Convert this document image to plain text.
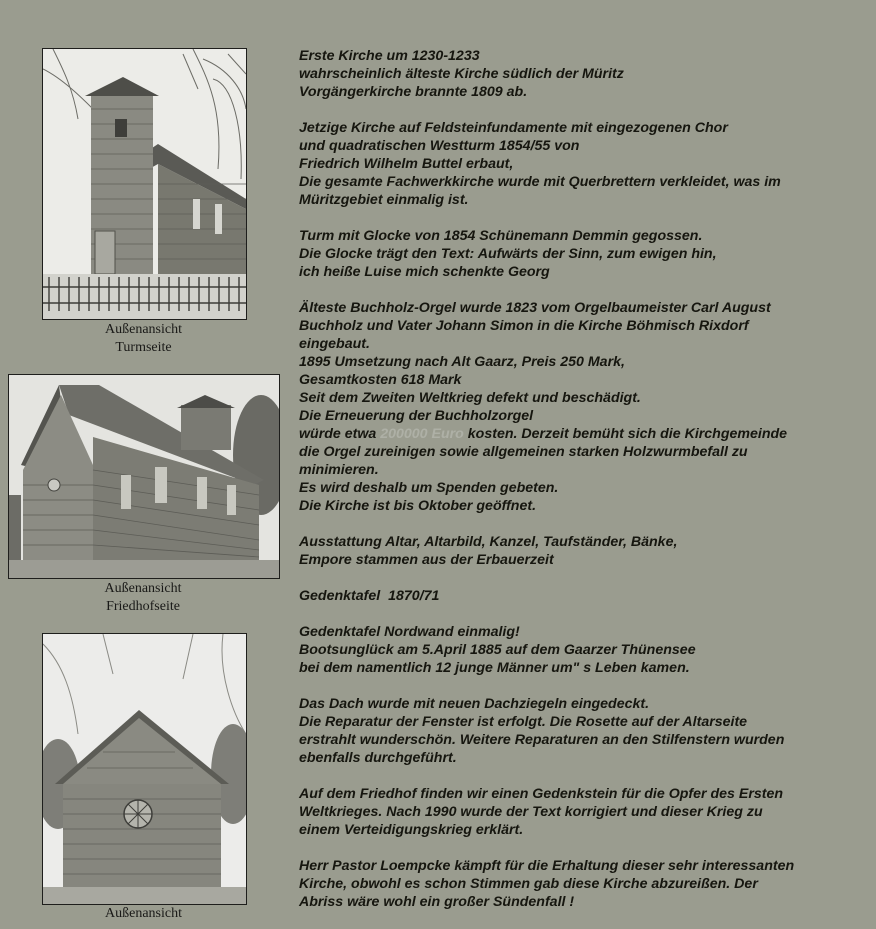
Außenansicht
Turmseite
Außenansicht
Friedhofseite
Außenansicht
Erste Kirche um 1230-1233
wahrscheinlich älteste Kirche südlich der Müritz
Vorgängerkirche brannte 1809 ab.
Jetzige Kirche auf Feldsteinfundamente mit eingezogenen Chor
und quadratischen Westturm 1854/55 von
Friedrich Wilhelm Buttel erbaut,
Die gesamte Fachwerkkirche wurde mit Querbrettern verkleidet, was im
Müritzgebiet einmalig ist.
Turm mit Glocke von 1854 Schünemann Demmin gegossen.
Die Glocke trägt den Text: Aufwärts der Sinn, zum ewigen hin,
ich heiße Luise mich schenkte Georg
Älteste Buchholz-Orgel wurde 1823 vom Orgelbaumeister Carl August
Buchholz und Vater Johann Simon in die Kirche Böhmisch Rixdorf
eingebaut.
1895 Umsetzung nach Alt Gaarz, Preis 250 Mark,
Gesamtkosten 618 Mark
Seit dem Zweiten Weltkrieg defekt und beschädigt.
Die Erneuerung der Buchholzorgel
würde etwa 200000 Euro kosten. Derzeit bemüht sich die Kirchgemeinde
die Orgel zureinigen sowie allgemeinen starken Holzwurmbefall zu
minimieren.
Es wird deshalb um Spenden gebeten.
Die Kirche ist bis Oktober geöffnet.
Ausstattung Altar, Altarbild, Kanzel, Taufständer, Bänke,
Empore stammen aus der Erbauerzeit
Gedenktafel  1870/71
Gedenktafel Nordwand einmalig!
Bootsunglück am 5.April 1885 auf dem Gaarzer Thünensee
bei dem namentlich 12 junge Männer um" s Leben kamen.
Das Dach wurde mit neuen Dachziegeln eingedeckt.
Die Reparatur der Fenster ist erfolgt. Die Rosette auf der Altarseite
erstrahlt wunderschön. Weitere Reparaturen an den Stilfenstern wurden
ebenfalls durchgeführt.
Auf dem Friedhof finden wir einen Gedenkstein für die Opfer des Ersten
Weltkrieges. Nach 1990 wurde der Text korrigiert und dieser Krieg zu
einem Verteidigungskrieg erklärt.
Herr Pastor Loempcke kämpft für die Erhaltung dieser sehr interessanten
Kirche, obwohl es schon Stimmen gab diese Kirche abzureißen. Der
Abriss wäre wohl ein großer Sündenfall !
